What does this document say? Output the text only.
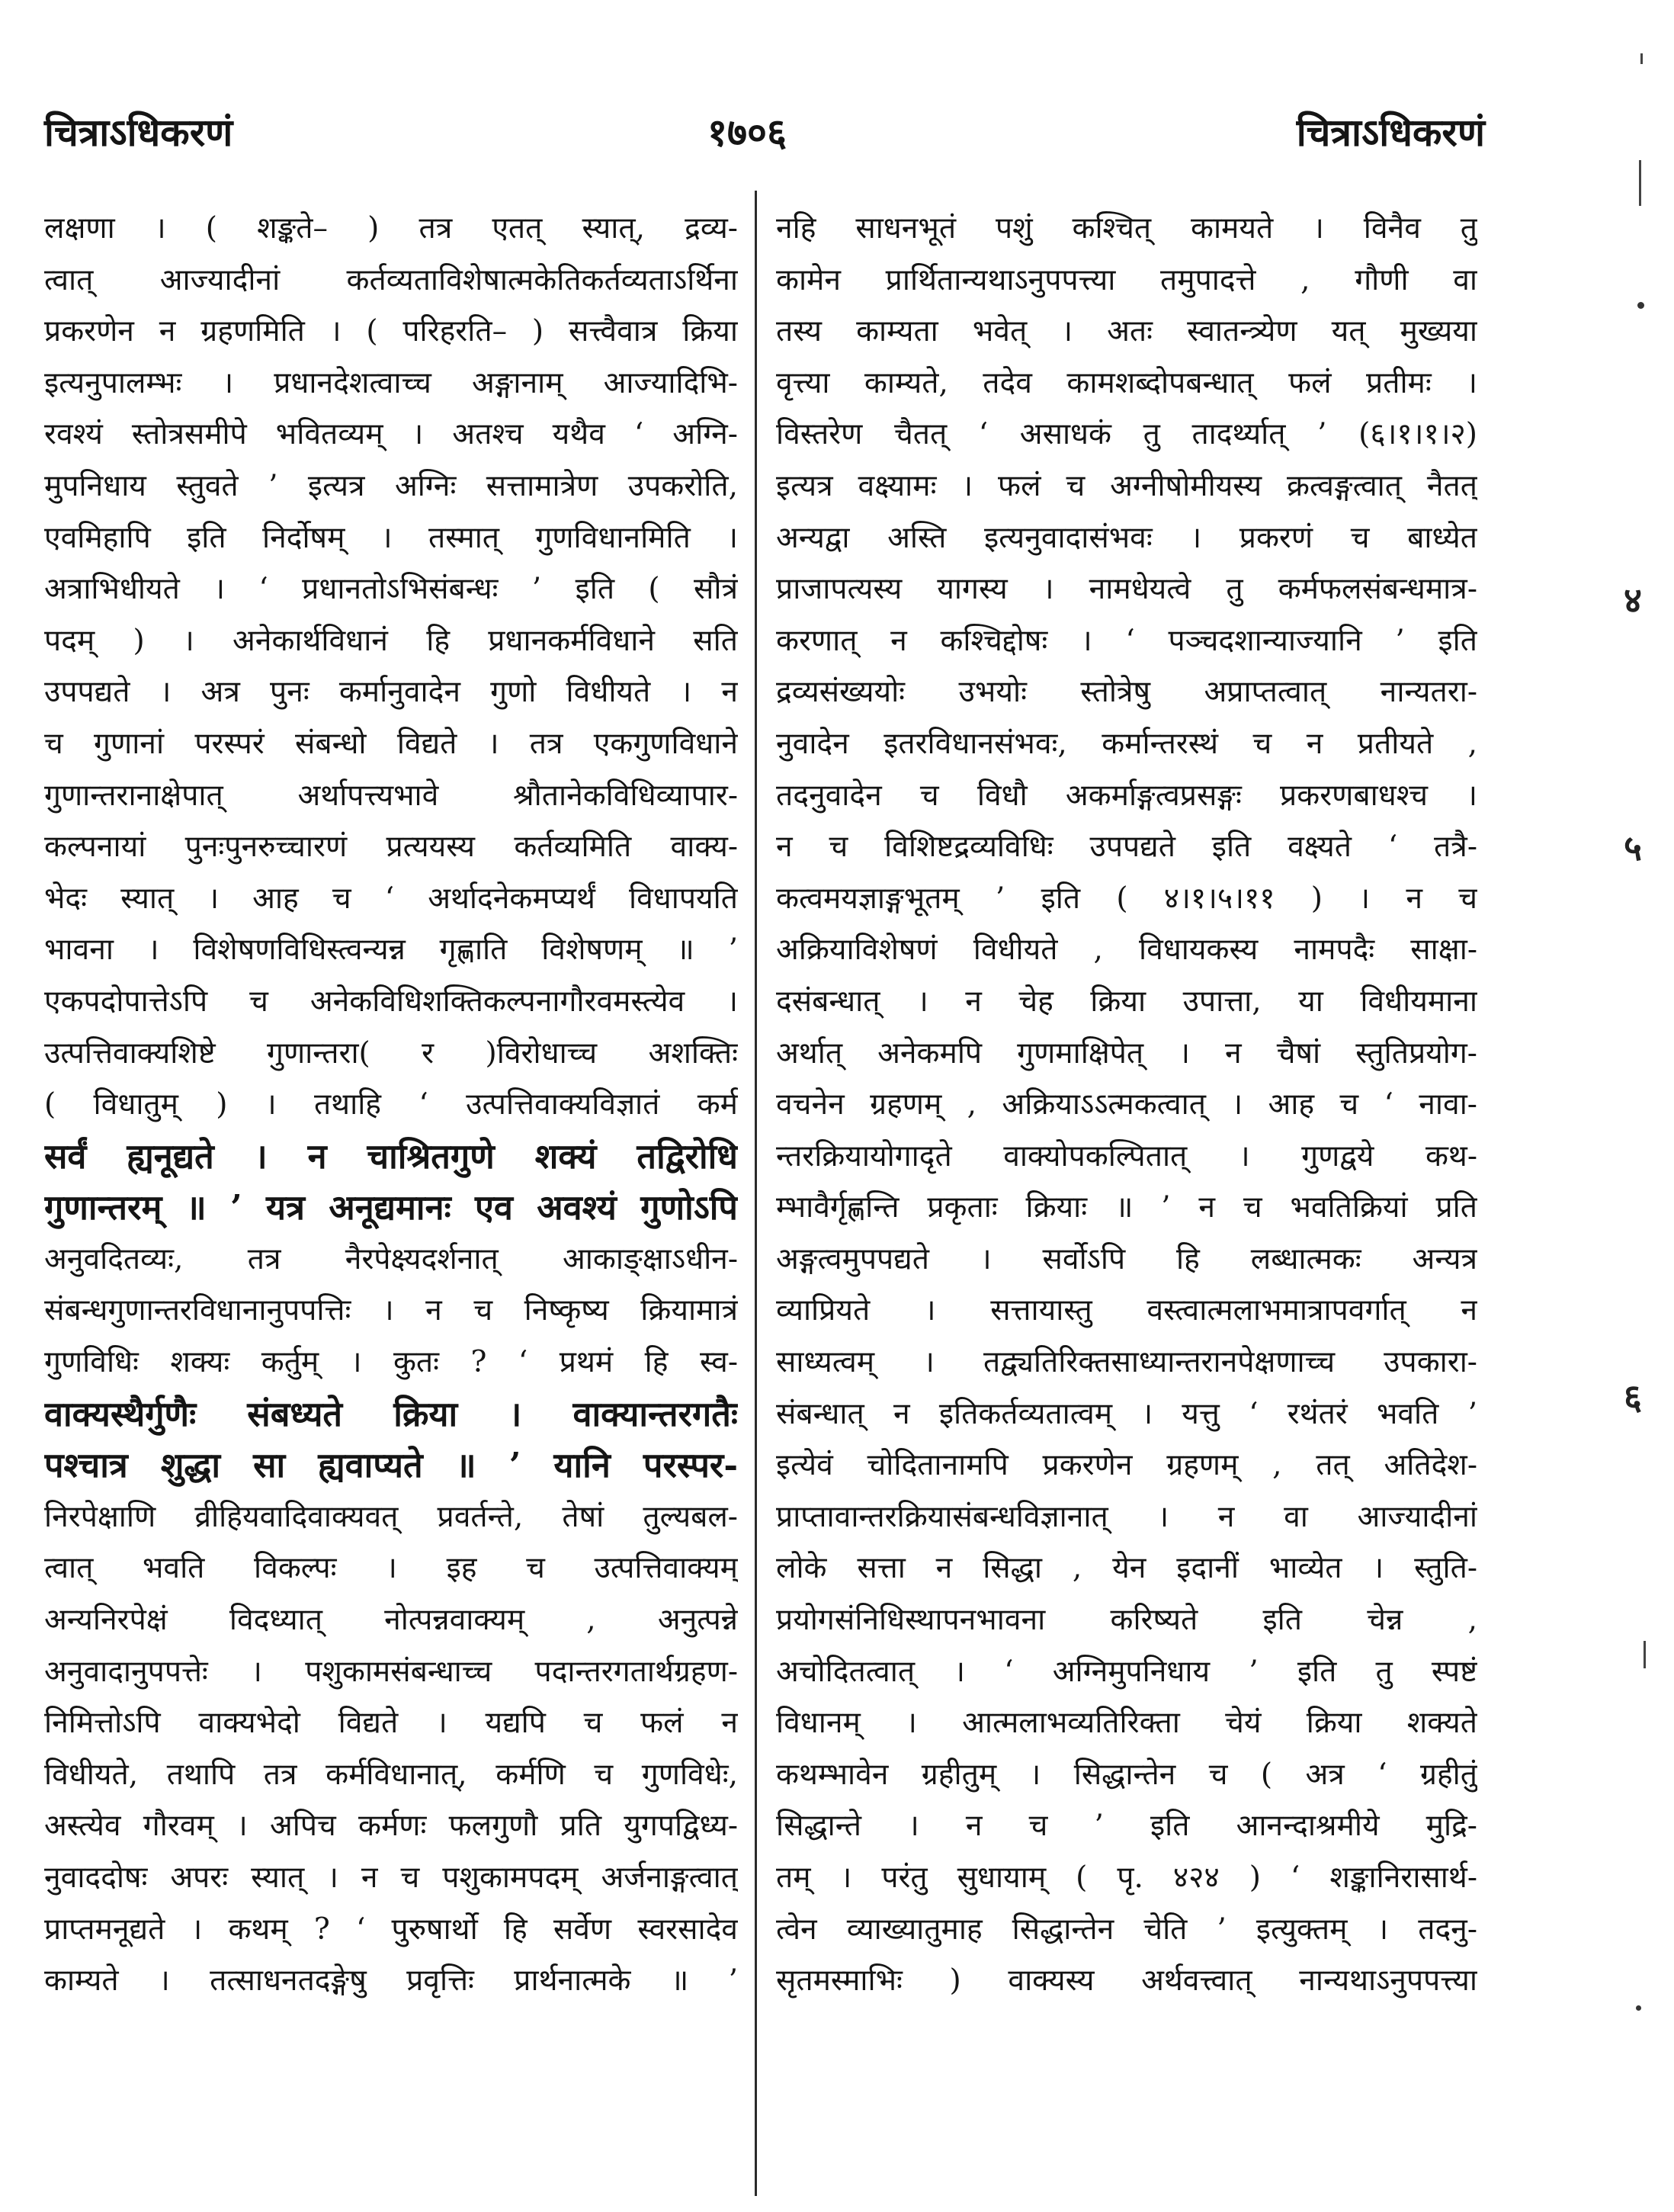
चित्राऽधिकरणं	१७०६	चित्राऽधिकरणं
लक्षणा । ( शङ्कते– ) तत्र एतत् स्यात्, द्रव्य-
त्वात् आज्यादीनां कर्तव्यताविशेषात्मकेतिकर्तव्यताऽर्थिना
प्रकरणेन न ग्रहणमिति । ( परिहरति– ) सत्त्वैवात्र क्रिया
इत्यनुपालम्भः । प्रधानदेशत्वाच्च अङ्गानाम् आज्यादिभि-
रवश्यं स्तोत्रसमीपे भवितव्यम् । अतश्च यथैव ‘ अग्नि-
मुपनिधाय स्तुवते ’ इत्यत्र अग्निः सत्तामात्रेण उपकरोति,
एवमिहापि इति निर्दोषम् । तस्मात् गुणविधानमिति ।
अत्राभिधीयते । ‘ प्रधानतोऽभिसंबन्धः ’ इति ( सौत्रं
पदम् ) । अनेकार्थविधानं हि प्रधानकर्मविधाने सति
उपपद्यते । अत्र पुनः कर्मानुवादेन गुणो विधीयते । न
च गुणानां परस्परं संबन्धो विद्यते । तत्र एकगुणविधाने
गुणान्तरानाक्षेपात् अर्थापत्त्यभावे श्रौतानेकविधिव्यापार-
कल्पनायां पुनःपुनरुच्चारणं प्रत्ययस्य कर्तव्यमिति वाक्य-
भेदः स्यात् । आह च ‘ अर्थादनेकमप्यर्थं विधापयति
भावना । विशेषणविधिस्त्वन्यन्न गृह्णाति विशेषणम् ॥ ’
एकपदोपात्तेऽपि च अनेकविधिशक्तिकल्पनागौरवमस्त्येव ।
उत्पत्तिवाक्यशिष्टे गुणान्तरा( र )विरोधाच्च अशक्तिः
( विधातुम् ) । तथाहि ‘ उत्पत्तिवाक्यविज्ञातं कर्म
सर्वं ह्यनूद्यते । न चाश्रितगुणे शक्यं तद्विरोधि
गुणान्तरम् ॥ ’ यत्र अनूद्यमानः एव अवश्यं गुणोऽपि
अनुवदितव्यः, तत्र नैरपेक्ष्यदर्शनात् आकाङ्क्षाऽधीन-
संबन्धगुणान्तरविधानानुपपत्तिः । न च निष्कृष्य क्रियामात्रं
गुणविधिः शक्यः कर्तुम् । कुतः ? ‘ प्रथमं हि स्व-
वाक्यस्थैर्गुणैः संबध्यते क्रिया । वाक्यान्तरगतैः
पश्चात्र शुद्धा सा ह्यवाप्यते ॥ ’ यानि परस्पर-
निरपेक्षाणि व्रीहियवादिवाक्यवत् प्रवर्तन्ते, तेषां तुल्यबल-
त्वात् भवति विकल्पः । इह च उत्पत्तिवाक्यम्
अन्यनिरपेक्षं विदध्यात् नोत्पन्नवाक्यम् , अनुत्पन्ने
अनुवादानुपपत्तेः । पशुकामसंबन्धाच्च पदान्तरगतार्थग्रहण-
निमित्तोऽपि वाक्यभेदो विद्यते । यद्यपि च फलं न
विधीयते, तथापि तत्र कर्मविधानात्, कर्मणि च गुणविधेः,
अस्त्येव गौरवम् । अपिच कर्मणः फलगुणौ प्रति युगपद्विध्य-
नुवाददोषः अपरः स्यात् । न च पशुकामपदम् अर्जनाङ्गत्वात्
प्राप्तमनूद्यते । कथम् ? ‘ पुरुषार्थो हि सर्वेण स्वरसादेव
काम्यते । तत्साधनतदङ्गेषु प्रवृत्तिः प्रार्थनात्मके ॥ ’
नहि साधनभूतं पशुं कश्चित् कामयते । विनैव तु
कामेन प्रार्थितान्यथाऽनुपपत्त्या तमुपादत्ते , गौणी वा
तस्य काम्यता भवेत् । अतः स्वातन्त्र्येण यत् मुख्यया
वृत्त्या काम्यते, तदेव कामशब्दोपबन्धात् फलं प्रतीमः ।
विस्तरेण चैतत् ‘ असाधकं तु तादर्थ्यात् ’ (६।१।१।२)
इत्यत्र वक्ष्यामः । फलं च अग्नीषोमीयस्य क्रत्वङ्गत्वात् नैतत्
अन्यद्वा अस्ति इत्यनुवादासंभवः । प्रकरणं च बाध्येत
प्राजापत्यस्य यागस्य । नामधेयत्वे तु कर्मफलसंबन्धमात्र-
करणात् न कश्चिद्दोषः । ‘ पञ्चदशान्याज्यानि ’ इति
द्रव्यसंख्ययोः उभयोः स्तोत्रेषु अप्राप्तत्वात् नान्यतरा-
नुवादेन इतरविधानसंभवः, कर्मान्तरस्थं च न प्रतीयते ,
तदनुवादेन च विधौ अकर्माङ्गत्वप्रसङ्गः प्रकरणबाधश्च ।
न च विशिष्टद्रव्यविधिः उपपद्यते इति वक्ष्यते ‘ तत्रै-
कत्वमयज्ञाङ्गभूतम् ’ इति ( ४।१।५।११ ) । न च
अक्रियाविशेषणं विधीयते , विधायकस्य नामपदैः साक्षा-
दसंबन्धात् । न चेह क्रिया उपात्ता, या विधीयमाना
अर्थात् अनेकमपि गुणमाक्षिपेत् । न चैषां स्तुतिप्रयोग-
वचनेन ग्रहणम् , अक्रियाऽऽत्मकत्वात् । आह च ‘ नावा-
न्तरक्रियायोगादृते वाक्योपकल्पितात् । गुणद्वये कथ-
म्भावैर्गृह्णन्ति प्रकृताः क्रियाः ॥ ’ न च भवतिक्रियां प्रति
अङ्गत्वमुपपद्यते । सर्वोऽपि हि लब्धात्मकः अन्यत्र
व्याप्रियते । सत्तायास्तु वस्त्वात्मलाभमात्रापवर्गात् न
साध्यत्वम् । तद्व्यतिरिक्तसाध्यान्तरानपेक्षणाच्च उपकारा-
संबन्धात् न इतिकर्तव्यतात्वम् । यत्तु ‘ रथंतरं भवति ’
इत्येवं चोदितानामपि प्रकरणेन ग्रहणम् , तत् अतिदेश-
प्राप्तावान्तरक्रियासंबन्धविज्ञानात् । न वा आज्यादीनां
लोके सत्ता न सिद्धा , येन इदानीं भाव्येत । स्तुति-
प्रयोगसंनिधिस्थापनभावना करिष्यते इति चेन्न ,
अचोदितत्वात् । ‘ अग्निमुपनिधाय ’ इति तु स्पष्टं
विधानम् । आत्मलाभव्यतिरिक्ता चेयं क्रिया शक्यते
कथम्भावेन ग्रहीतुम् । सिद्धान्तेन च ( अत्र ‘ ग्रहीतुं
सिद्धान्ते । न च ’ इति आनन्दाश्रमीये मुद्रि-
तम् । परंतु सुधायाम् ( पृ. ४२४ ) ‘ शङ्कानिरासार्थ-
त्वेन व्याख्यातुमाह सिद्धान्तेन चेति ’ इत्युक्तम् । तदनु-
सृतमस्माभिः ) वाक्यस्य अर्थवत्त्वात् नान्यथाऽनुपपत्त्या
४
५
६
